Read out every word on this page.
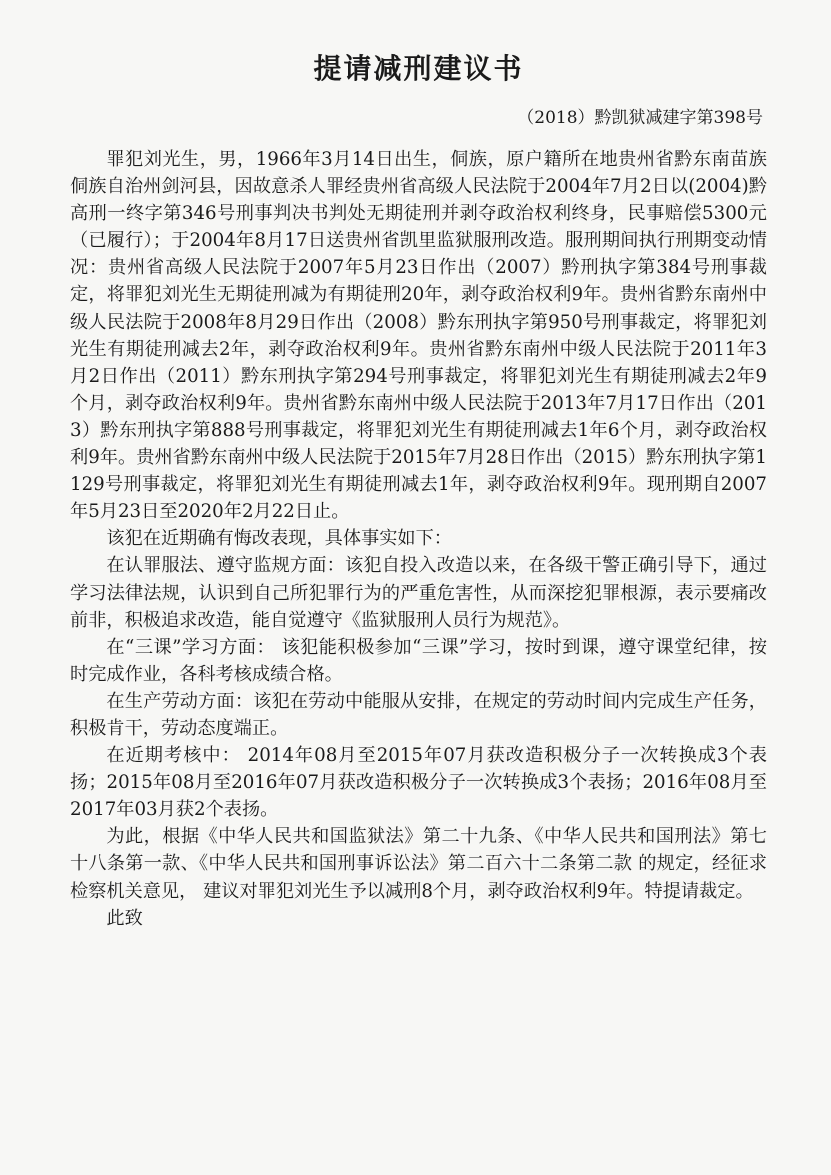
提请减刑建议书
（2018）黔凯狱减建字第398号

罪犯刘光生，男，1966年3月14日出生，侗族，原户籍所在地贵州省黔东南苗族侗族自治州剑河县，因故意杀人罪经贵州省高级人民法院于2004年7月2日以(2004)黔高刑一终字第346号刑事判决书判处无期徒刑并剥夺政治权利终身，民事赔偿5300元（已履行）；于2004年8月17日送贵州省凯里监狱服刑改造。服刑期间执行刑期变动情况：贵州省高级人民法院于2007年5月23日作出（2007）黔刑执字第384号刑事裁定，将罪犯刘光生无期徒刑减为有期徒刑20年，剥夺政治权利9年。贵州省黔东南州中级人民法院于2008年8月29日作出（2008）黔东刑执字第950号刑事裁定，将罪犯刘光生有期徒刑减去2年，剥夺政治权利9年。贵州省黔东南州中级人民法院于2011年3月2日作出（2011）黔东刑执字第294号刑事裁定，将罪犯刘光生有期徒刑减去2年9个月，剥夺政治权利9年。贵州省黔东南州中级人民法院于2013年7月17日作出（2013）黔东刑执字第888号刑事裁定，将罪犯刘光生有期徒刑减去1年6个月，剥夺政治权利9年。贵州省黔东南州中级人民法院于2015年7月28日作出（2015）黔东刑执字第1129号刑事裁定，将罪犯刘光生有期徒刑减去1年，剥夺政治权利9年。现刑期自2007年5月23日至2020年2月22日止。

该犯在近期确有悔改表现，具体事实如下：

在认罪服法、遵守监规方面：该犯自投入改造以来，在各级干警正确引导下，通过学习法律法规，认识到自己所犯罪行为的严重危害性，从而深挖犯罪根源，表示要痛改前非，积极追求改造，能自觉遵守《监狱服刑人员行为规范》。

在“三课”学习方面： 该犯能积极参加“三课”学习，按时到课，遵守课堂纪律，按时完成作业，各科考核成绩合格。

在生产劳动方面：该犯在劳动中能服从安排，在规定的劳动时间内完成生产任务，积极肯干，劳动态度端正。

在近期考核中： 2014年08月至2015年07月获改造积极分子一次转换成3个表扬；2015年08月至2016年07月获改造积极分子一次转换成3个表扬；2016年08月至2017年03月获2个表扬。

为此，根据《中华人民共和国监狱法》第二十九条、《中华人民共和国刑法》第七十八条第一款、《中华人民共和国刑事诉讼法》第二百六十二条第二款 的规定，经征求检察机关意见， 建议对罪犯刘光生予以减刑8个月，剥夺政治权利9年。特提请裁定。

此致
